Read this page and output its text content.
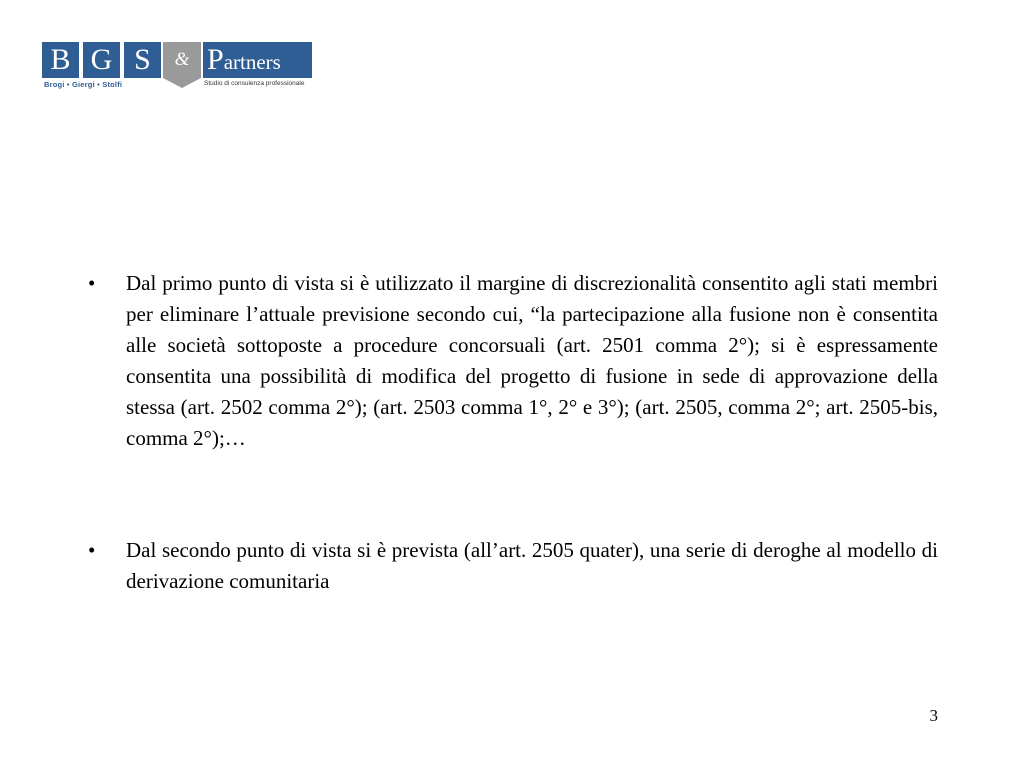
B G S	& Partners
Brogi • Giergi • Stolfi	Studio di consulenza professionale
• Dal primo punto di vista si è utilizzato il margine di discrezionalità consentito agli stati membri per eliminare l’attuale previsione secondo cui, “la partecipazione alla fusione non è consentita alle società sottoposte a procedure concorsuali (art. 2501 comma 2°); si è espressamente consentita una possibilità di modifica del progetto di fusione in sede di approvazione della stessa (art. 2502 comma 2°); (art. 2503 comma 1°, 2° e 3°); (art. 2505, comma 2°; art. 2505-bis, comma 2°);…
• Dal secondo punto di vista si è prevista (all’art. 2505 quater), una serie di deroghe al modello di derivazione comunitaria
3
